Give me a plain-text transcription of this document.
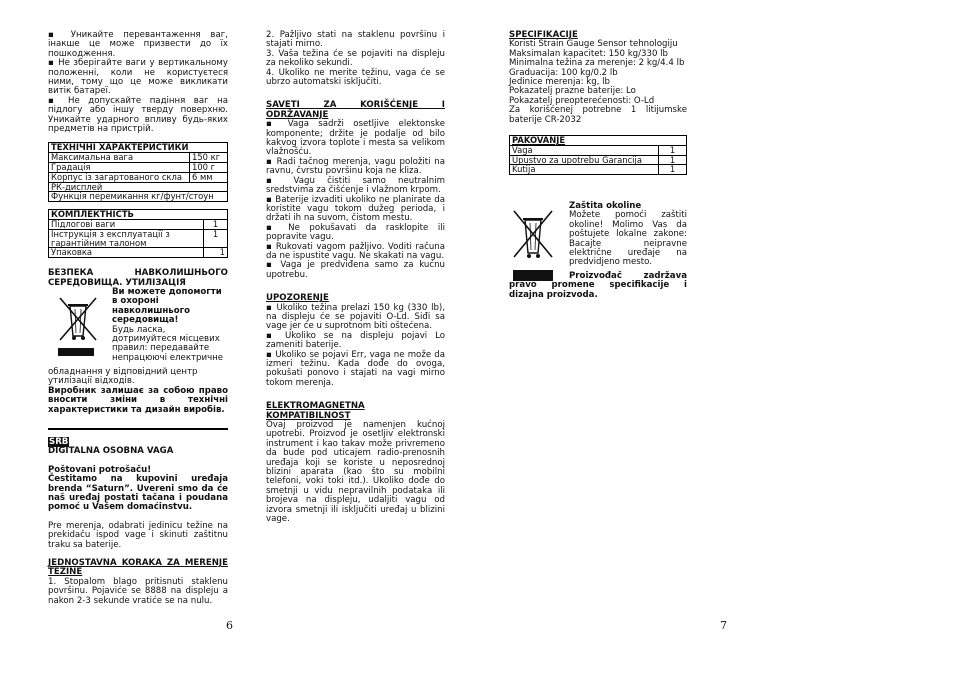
▪ Уникайте перевантаження ваг, інакше це може призвести до їх пошкодження.

▪ Не зберігайте ваги у вертикальному положенні, коли не користуєтеся ними, тому що це може викликати витік батареї.

▪ Не допускайте падіння ваг на підлогу або іншу тверду поверхню. Уникайте ударного впливу будь-яких предметів на пристрій.

ТЕХНІЧНІ ХАРАКТЕРИСТИКИ	
Максимальна вага	150 кг
Градація	100 г
Корпус із загартованого скла	6 мм
РК-дисплей	
Функція перемикання кг/фунт/стоун	
КОМПЛЕКТНІСТЬ	
Підлогові ваги	1
Інструкція з експлуатації з гарантійним талоном	1
Упаковка	1

БЕЗПЕКА НАВКОЛИШНЬОГО СЕРЕДОВИЩА. УТИЛІЗАЦІЯ

Ви можете допомогти в охороні навколишнього середовища!

Будь ласка, дотримуйтеся місцевих правил: передавайте непрацюючі електричне

обладнання у відповідний центр утилізації відходів.

Виробник залишає за собою право вносити зміни в технічні характеристики та дизайн виробів.

SRB

DIGITALNA OSOBNA VAGA

Poštovani potrošaču!

Čestitamo na kupovini uređaja brenda “Saturn”. Uvereni smo da će naš uređaj postati tačana i poudana pomoć u Vašem domaćinstvu.

Pre merenja, odabrati jedinicu težine na prekidaču ispod vage i skinuti zaštitnu traku sa baterije.

JEDNOSTAVNA KORAKA ZA MERENJE TEŽINE

1. Stopalom blago pritisnuti staklenu površinu. Pojaviće se 8888 na displeju a nakon 2-3 sekunde vratiće se na nulu.

6

2. Pažljivo stati na staklenu površinu i stajati mirno.
3. Vaša težina će se pojaviti na displeju za nekoliko sekundi.
4. Ukoliko ne merite težinu, vaga će se ubrzo automatski isključiti.

SAVETI ZA KORIŠĆENJE I ODRŽAVANJE

▪ Vaga sadrži osetljive elektonske komponente; držite je podalje od bilo kakvog izvora toplote i mesta sa velikom vlažnošću.

▪ Radi tačnog merenja, vagu položiti na ravnu, čvrstu površinu koja ne kliza.

▪ Vagu čistiti samo neutralnim sredstvima za čišćenje i vlažnom krpom.

▪ Baterije izvaditi ukoliko ne planirate da koristite vagu tokom dužeg perioda, i držati ih na suvom, čistom mestu.

▪ Ne pokušavati da rasklopite ili popravite vagu.

▪ Rukovati vagom pažljivo. Voditi računa da ne ispustite vagu. Ne skakati na vagu.

▪ Vaga je predviđena samo za kućnu upotrebu.

UPOZORENJE

▪ Ukoliko težina prelazi 150 kg (330 lb), na displeju će se pojaviti O-Ld. Siđi sa vage jer će u suprotnom biti oštećena.

▪ Ukoliko se na displeju pojavi Lo zameniti baterije.

▪ Ukoliko se pojavi Err, vaga ne može da izmeri težinu. Kada dođe do ovoga, pokušati ponovo i stajati na vagi mirno tokom merenja.

ELEKTROMAGNETNA KOMPATIBILNOST

Ovaj proizvod je namenjen kućnoj upotrebi. Proizvod je osetljiv elektronski instrument i kao takav može privremeno da bude pod uticajem radio-prenosnih uređaja koji se koriste u neposrednoj blizini aparata (kao što su mobilni telefoni, voki toki itd.). Ukoliko dođe do smetnji u vidu nepravilnih podataka ili brojeva na displeju, udaljiti vagu od izvora smetnji ili isključiti uređaj u blizini vage.

SPECIFIKACIJE

Koristi Strain Gauge Sensor tehnologiju

Maksimalan kapacitet: 150 kg/330 lb

Minimalna težina za merenje: 2 kg/4.4 lb

Graduacija: 100 kg/0.2 lb

Jedinice merenja: kg, lb

Pokazatelj prazne baterije: Lo

Pokazatelj preopterećenosti: O-Ld

Za korišćenej potrebne 1 litijumske baterije CR-2032

PAKOVANJE	
Vaga	1
Upustvo za upotrebu Garancija	1
Kutija	1

Zaštita okoline

Možete pomoći zaštiti okoline! Molimo Vas da poštujete lokalne zakone: Bacajte neipravne električne uređaje na predvidjeno mesto.

Proizvođač zadržava pravo promene specifikacije i dizajna proizvoda.

7
